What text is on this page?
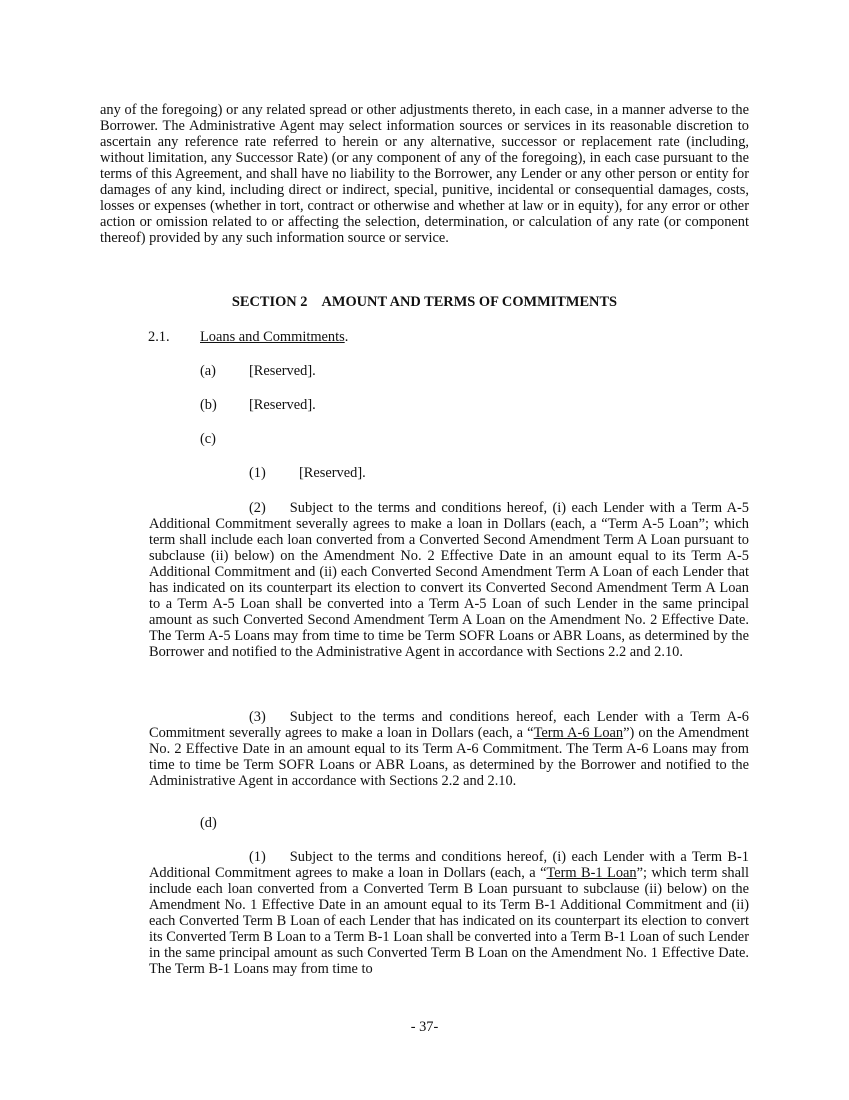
any of the foregoing) or any related spread or other adjustments thereto, in each case, in a manner adverse to the Borrower. The Administrative Agent may select information sources or services in its reasonable discretion to ascertain any reference rate referred to herein or any alternative, successor or replacement rate (including, without limitation, any Successor Rate) (or any component of any of the foregoing), in each case pursuant to the terms of this Agreement, and shall have no liability to the Borrower, any Lender or any other person or entity for damages of any kind, including direct or indirect, special, punitive, incidental or consequential damages, costs, losses or expenses (whether in tort, contract or otherwise and whether at law or in equity), for any error or other action or omission related to or affecting the selection, determination, or calculation of any rate (or component thereof) provided by any such information source or service.

SECTION 2 AMOUNT AND TERMS OF COMMITMENTS
2.1. Loans and Commitments.
(a) [Reserved].
(b) [Reserved].
(c)
(1) [Reserved].

(2) Subject to the terms and conditions hereof, (i) each Lender with a Term A-5 Additional Commitment severally agrees to make a loan in Dollars (each, a “Term A-5 Loan”; which term shall include each loan converted from a Converted Second Amendment Term A Loan pursuant to subclause (ii) below) on the Amendment No. 2 Effective Date in an amount equal to its Term A-5 Additional Commitment and (ii) each Converted Second Amendment Term A Loan of each Lender that has indicated on its counterpart its election to convert its Converted Second Amendment Term A Loan to a Term A-5 Loan shall be converted into a Term A-5 Loan of such Lender in the same principal amount as such Converted Second Amendment Term A Loan on the Amendment No. 2 Effective Date. The Term A-5 Loans may from time to time be Term SOFR Loans or ABR Loans, as determined by the Borrower and notified to the Administrative Agent in accordance with Sections 2.2 and 2.10.

(3) Subject to the terms and conditions hereof, each Lender with a Term A-6 Commitment severally agrees to make a loan in Dollars (each, a “Term A-6 Loan”) on the Amendment No. 2 Effective Date in an amount equal to its Term A-6 Commitment. The Term A-6 Loans may from time to time be Term SOFR Loans or ABR Loans, as determined by the Borrower and notified to the Administrative Agent in accordance with Sections 2.2 and 2.10.

(d)

(1) Subject to the terms and conditions hereof, (i) each Lender with a Term B-1 Additional Commitment agrees to make a loan in Dollars (each, a “Term B-1 Loan”; which term shall include each loan converted from a Converted Term B Loan pursuant to subclause (ii) below) on the Amendment No. 1 Effective Date in an amount equal to its Term B-1 Additional Commitment and (ii) each Converted Term B Loan of each Lender that has indicated on its counterpart its election to convert its Converted Term B Loan to a Term B-1 Loan shall be converted into a Term B-1 Loan of such Lender in the same principal amount as such Converted Term B Loan on the Amendment No. 1 Effective Date. The Term B-1 Loans may from time to

- 37-
